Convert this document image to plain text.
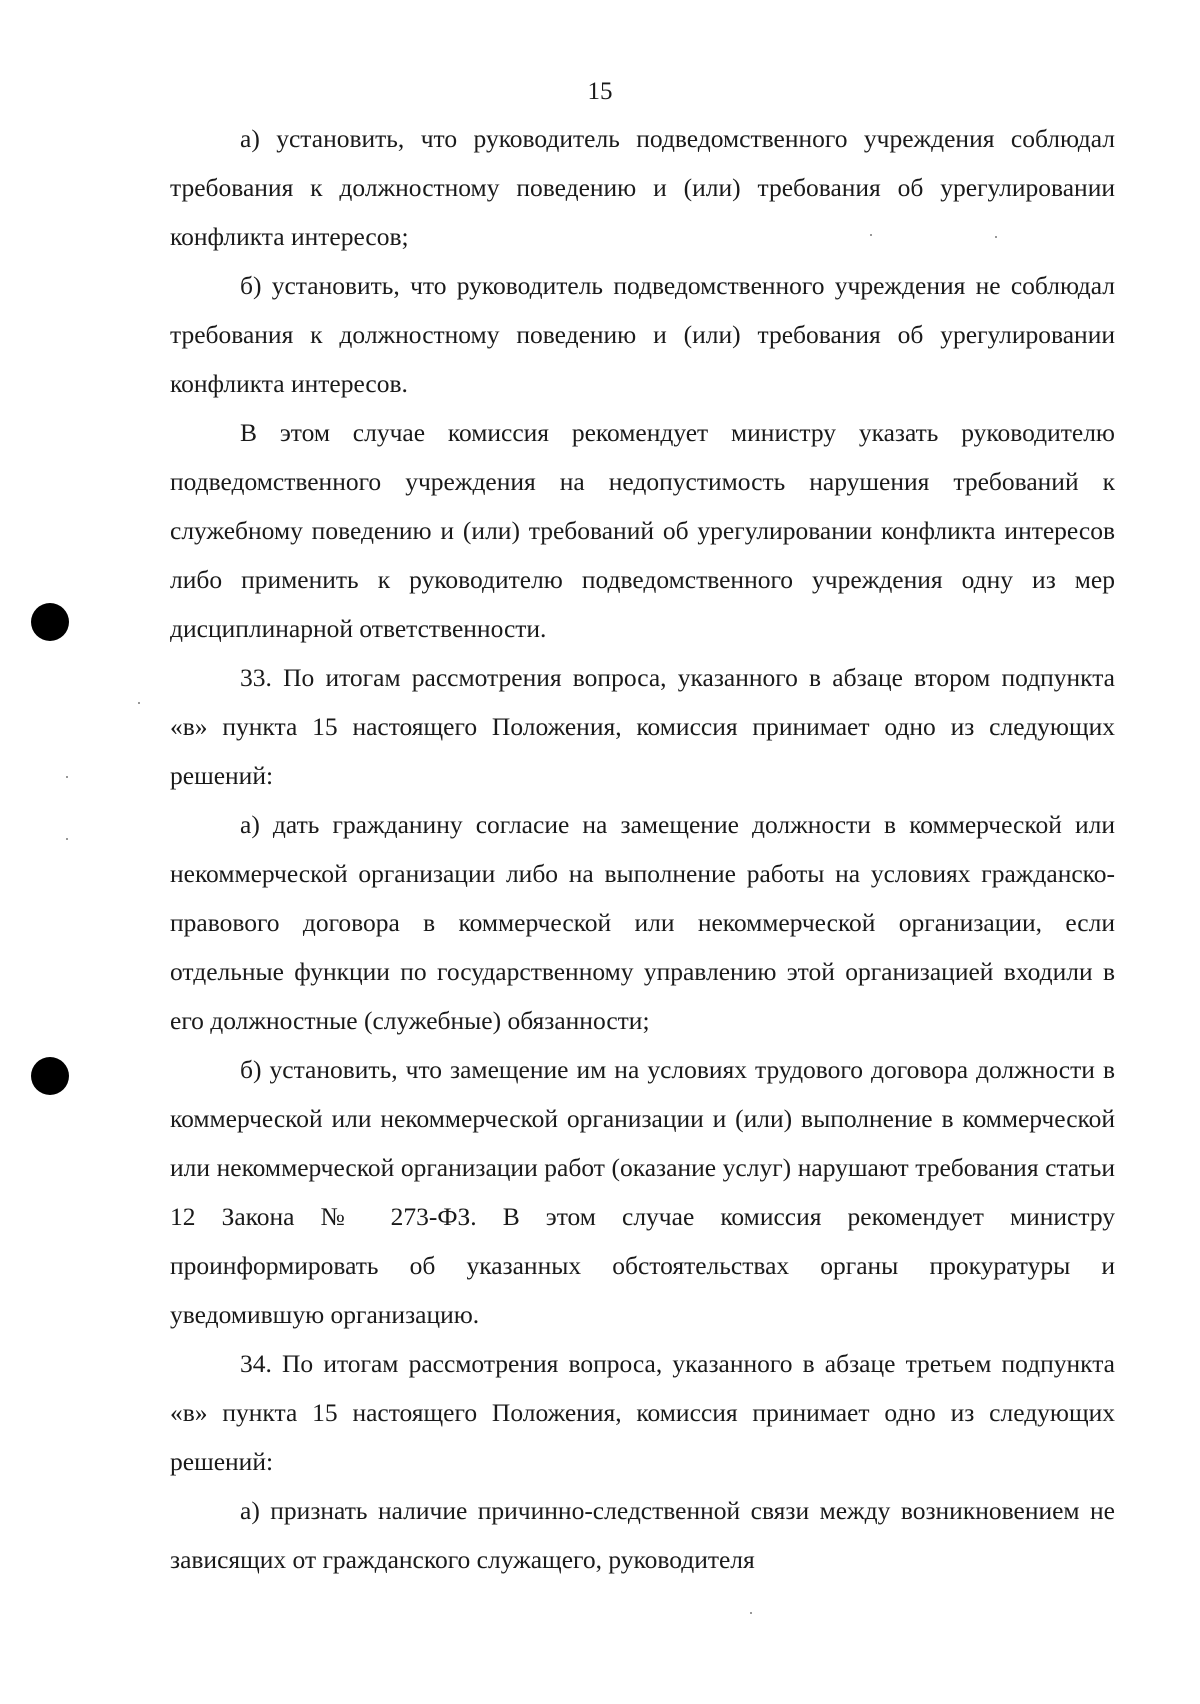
15

а) установить, что руководитель подведомственного учреждения соблюдал требования к должностному поведению и (или) требования об урегулировании конфликта интересов;

б) установить, что руководитель подведомственного учреждения не соблюдал требования к должностному поведению и (или) требования об урегулировании конфликта интересов.

В этом случае комиссия рекомендует министру указать руководителю подведомственного учреждения на недопустимость нарушения требований к служебному поведению и (или) требований об урегулировании конфликта интересов либо применить к руководителю подведомственного учреждения одну из мер дисциплинарной ответственности.

33. По итогам рассмотрения вопроса, указанного в абзаце втором подпункта «в» пункта 15 настоящего Положения, комиссия принимает одно из следующих решений:

а) дать гражданину согласие на замещение должности в коммерческой или некоммерческой организации либо на выполнение работы на условиях гражданско-правового договора в коммерческой или некоммерческой организации, если отдельные функции по государственному управлению этой организацией входили в его должностные (служебные) обязанности;

б) установить, что замещение им на условиях трудового договора должности в коммерческой или некоммерческой организации и (или) выполнение в коммерческой или некоммерческой организации работ (оказание услуг) нарушают требования статьи 12 Закона № 273-ФЗ. В этом случае комиссия рекомендует министру проинформировать об указанных обстоятельствах органы прокуратуры и уведомившую организацию.

34. По итогам рассмотрения вопроса, указанного в абзаце третьем подпункта «в» пункта 15 настоящего Положения, комиссия принимает одно из следующих решений:

а) признать наличие причинно-следственной связи между возникновением не зависящих от гражданского служащего, руководителя
